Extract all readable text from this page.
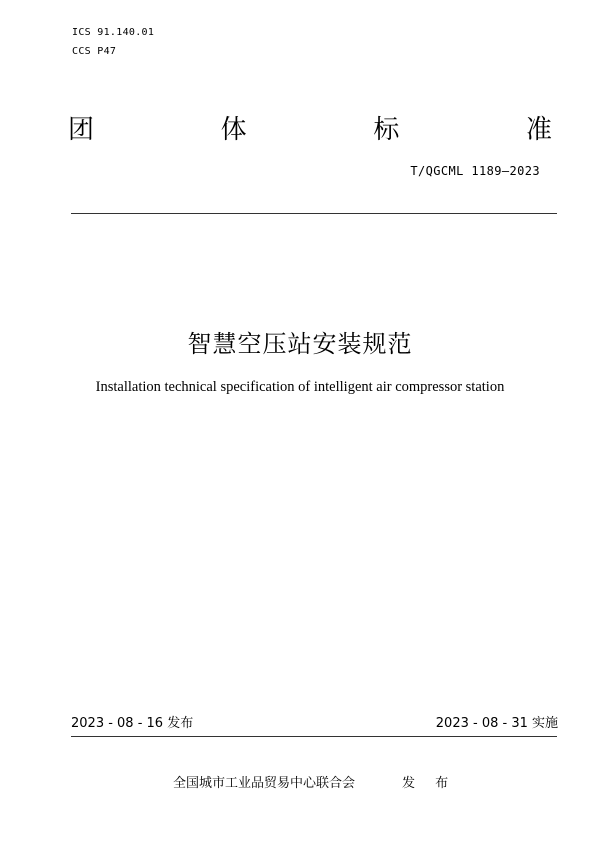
ICS 91.140.01
CCS P47
团	体	标	准
T/QGCML 1189—2023
智慧空压站安装规范
Installation technical specification of intelligent air compressor station
2023 - 08 - 16 发布	2023 - 08 - 31 实施
全国城市工业品贸易中心联合会	发 布
